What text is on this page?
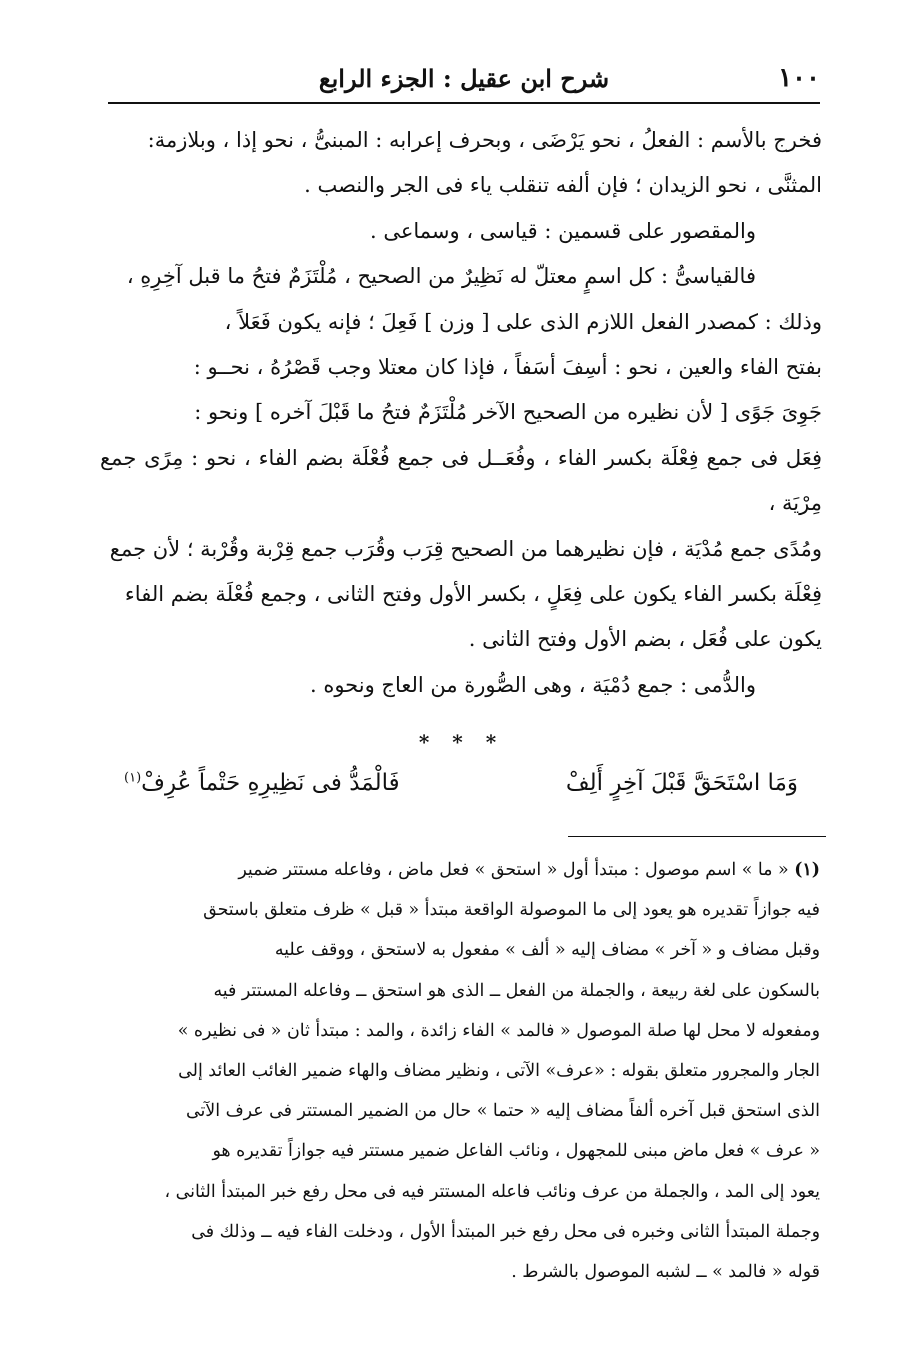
١٠٠
شرح ابن عقيل : الجزء الرابع

فخرج بالأسم : الفعلُ ، نحو يَرْضَى ، وبحرف إعرابه : المبنىُّ ، نحو إذا ، وبلازمة:

المثنَّى ، نحو الزيدان ؛ فإن ألفه تنقلب ياء فى الجر والنصب .

والمقصور على قسمين : قياسى ، وسماعى .

فالقياسىُّ : كل اسمٍ معتلّ له نَظِيرٌ من الصحيح ، مُلْتَزَمٌ فتحُ ما قبل آخِرِهِ ،

وذلك : كمصدر الفعل اللازم الذى على [ وزن ] فَعِلَ ؛ فإنه يكون فَعَلاً ،

بفتح الفاء والعين ، نحو : أسِفَ أسَفاً ، فإذا كان معتلا وجب قَصْرُهُ ، نحــو :

جَوِىَ جَوًى [ لأن نظيره من الصحيح الآخر مُلْتَزَمٌ فتحُ ما قَبْلَ آخره ] ونحو :

فِعَل فى جمع فِعْلَة بكسر الفاء ، وفُعَــل فى جمع فُعْلَة بضم الفاء ، نحو : مِرًى جمع مِرْيَة ،

ومُدًى جمع مُدْيَة ، فإن نظيرهما من الصحيح قِرَب وقُرَب جمع قِرْبة وقُرْبة ؛ لأن جمع

فِعْلَة بكسر الفاء يكون على فِعَلٍ ، بكسر الأول وفتح الثانى ، وجمع فُعْلَة بضم الفاء

يكون على فُعَل ، بضم الأول وفتح الثانى .

والدُّمى : جمع دُمْيَة ، وهى الصُّورة من العاج ونحوه .

* * *
وَمَا اسْتَحَقَّ قَبْلَ آخِرٍ أَلِفْ
فَالْمَدُّ فى نَظِيرِهِ حَتْماً عُرِفْ$^{(١)}$

(١) « ما » اسم موصول : مبتدأ أول « استحق » فعل ماض ، وفاعله مستتر ضمير

فيه جوازاً تقديره هو يعود إلى ما الموصولة الواقعة مبتدأ « قبل » ظرف متعلق باستحق

وقبل مضاف و « آخر » مضاف إليه « ألف » مفعول به لاستحق ، ووقف عليه

بالسكون على لغة ربيعة ، والجملة من الفعل ــ الذى هو استحق ــ وفاعله المستتر فيه

ومفعوله لا محل لها صلة الموصول « فالمد » الفاء زائدة ، والمد : مبتدأ ثان « فى نظيره »

الجار والمجرور متعلق بقوله : «عرف» الآتى ، ونظير مضاف والهاء ضمير الغائب العائد إلى

الذى استحق قبل آخره ألفاً مضاف إليه « حتما » حال من الضمير المستتر فى عرف الآتى

« عرف » فعل ماض مبنى للمجهول ، ونائب الفاعل ضمير مستتر فيه جوازاً تقديره هو

يعود إلى المد ، والجملة من عرف ونائب فاعله المستتر فيه فى محل رفع خبر المبتدأ الثانى ،

وجملة المبتدأ الثانى وخبره فى محل رفع خبر المبتدأ الأول ، ودخلت الفاء فيه ــ وذلك فى

قوله « فالمد » ــ لشبه الموصول بالشرط .
